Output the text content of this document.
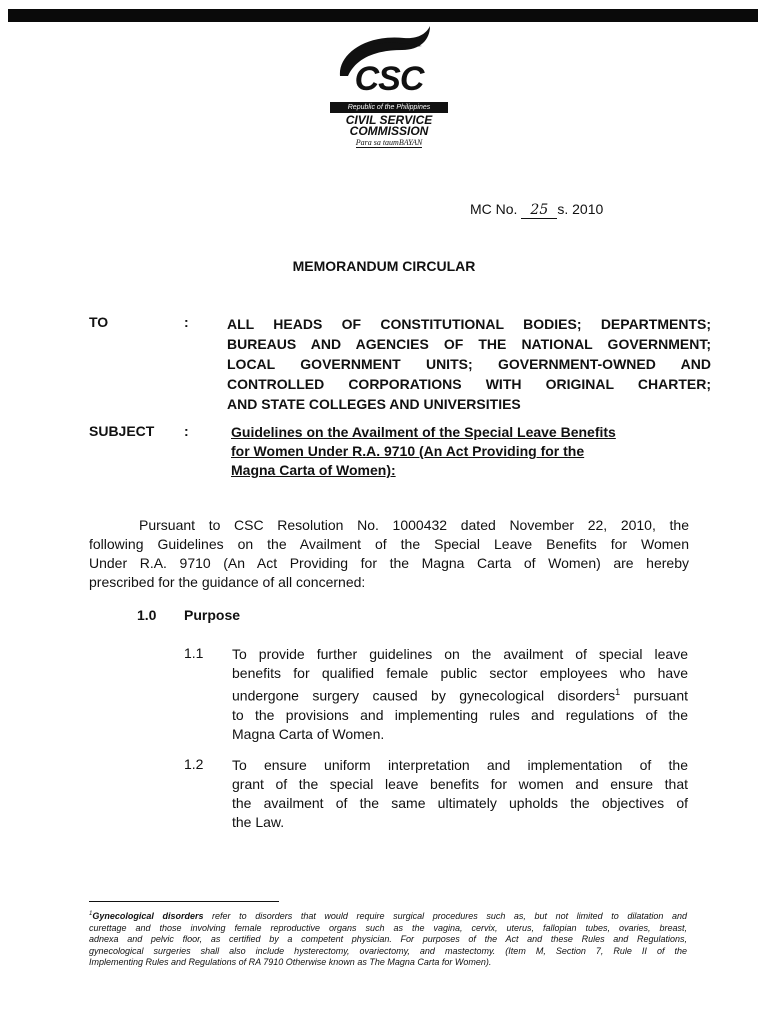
CSC
Republic of the Philippines
CIVIL SERVICE
COMMISSION
Para sa taumBAYAN
MC No. 25 s. 2010
MEMORANDUM CIRCULAR
TO	:	ALL HEADS OF CONSTITUTIONAL BODIES; DEPARTMENTS;
BUREAUS AND AGENCIES OF THE NATIONAL GOVERNMENT;
LOCAL GOVERNMENT UNITS; GOVERNMENT-OWNED AND
CONTROLLED CORPORATIONS WITH ORIGINAL CHARTER;
AND STATE COLLEGES AND UNIVERSITIES
SUBJECT :	Guidelines on the Availment of the Special Leave Benefits
for Women Under R.A. 9710 (An Act Providing for the
Magna Carta of Women):
Pursuant to CSC Resolution No. 1000432 dated November 22, 2010, the
following Guidelines on the Availment of the Special Leave Benefits for Women
Under R.A. 9710 (An Act Providing for the Magna Carta of Women) are hereby
prescribed for the guidance of all concerned:
1.0 Purpose
1.1 To provide further guidelines on the availment of special leave
benefits for qualified female public sector employees who have
undergone surgery caused by gynecological disorders$^1$ pursuant
to the provisions and implementing rules and regulations of the
Magna Carta of Women.
1.2 To ensure uniform interpretation and implementation of the
grant of the special leave benefits for women and ensure that
the availment of the same ultimately upholds the objectives of
the Law.
$^1$Gynecological disorders refer to disorders that would require surgical procedures such as, but not limited to dilatation and
curettage and those involving female reproductive organs such as the vagina, cervix, uterus, fallopian tubes, ovaries, breast,
adnexa and pelvic floor, as certified by a competent physician. For purposes of the Act and these Rules and Regulations,
gynecological surgeries shall also include hysterectomy, ovariectomy, and mastectomy. (Item M, Section 7, Rule II of the
Implementing Rules and Regulations of RA 7910 Otherwise known as The Magna Carta for Women).
